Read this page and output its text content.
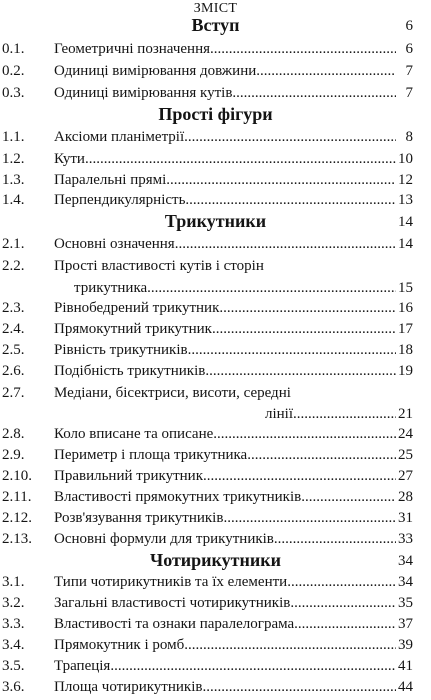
ЗМІСТ
Вступ	6
0.1. Геометричні позначення .....	6
0.2. Одиниці вимірювання довжини .....	7
0.3. Одиниці вимірювання кутів .....	7
Прості фігури
1.1. Аксіоми планіметрії .....	8
1.2. Кути .....	10
1.3. Паралельні прямі .....	12
1.4. Перпендикулярність .....	13
Трикутники	14
2.1. Основні означення .....	14
2.2. Прості властивості кутів і сторін
трикутника .....	15
2.3. Рівнобедрений трикутник .....	16
2.4. Прямокутний трикутник .....	17
2.5. Рівність трикутників .....	18
2.6. Подібність трикутників .....	19
2.7. Медіани, бісектриси, висоти, середні
лінії .....	21
2.8. Коло вписане та описане .....	24
2.9. Периметр і площа трикутника .....	25
2.10. Правильний трикутник .....	27
2.11. Властивості прямокутних трикутників .....	28
2.12. Розв'язування трикутників .....	31
2.13. Основні формули для трикутників .....	33
Чотирикутники	34
3.1. Типи чотирикутників та їх елементи .....	34
3.2. Загальні властивості чотирикутників .....	35
3.3. Властивості та ознаки паралелограма .....	37
3.4. Прямокутник і ромб .....	39
3.5. Трапеція .....	41
3.6. Площа чотирикутників .....	44
